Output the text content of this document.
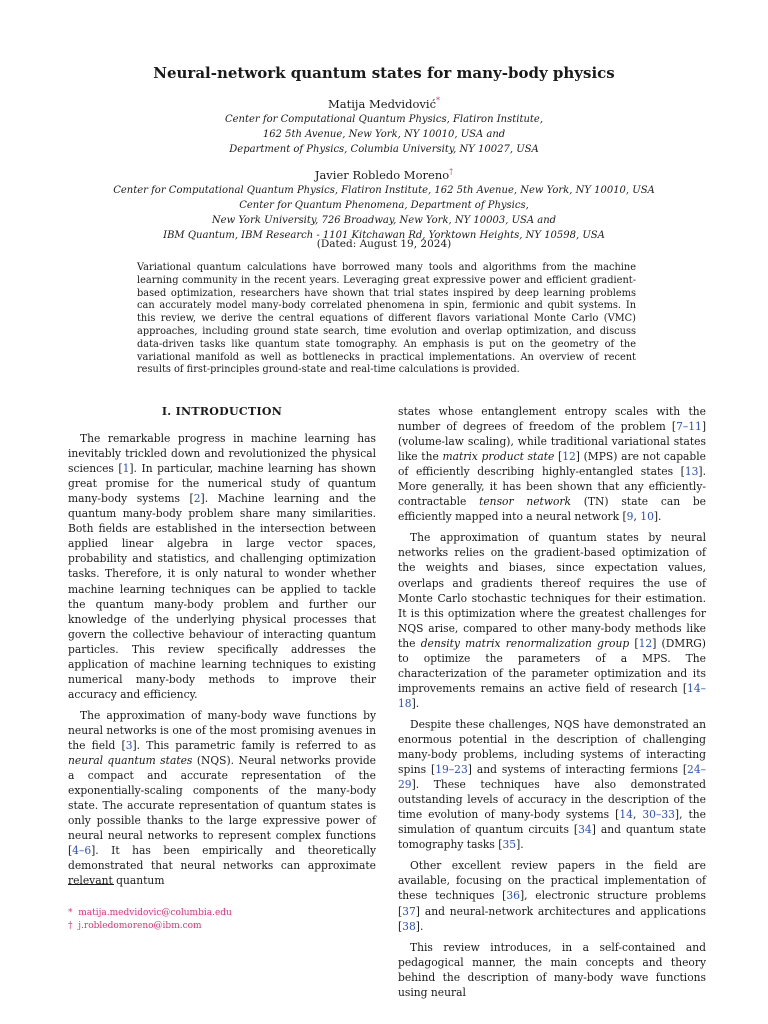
Neural-network quantum states for many-body physics
Matija Medvidović*
Center for Computational Quantum Physics, Flatiron Institute,
162 5th Avenue, New York, NY 10010, USA and
Department of Physics, Columbia University, NY 10027, USA
Javier Robledo Moreno†
Center for Computational Quantum Physics, Flatiron Institute, 162 5th Avenue, New York, NY 10010, USA
Center for Quantum Phenomena, Department of Physics,
New York University, 726 Broadway, New York, NY 10003, USA and
IBM Quantum, IBM Research - 1101 Kitchawan Rd, Yorktown Heights, NY 10598, USA
(Dated: August 19, 2024)
Variational quantum calculations have borrowed many tools and algorithms from the machine learning community in the recent years. Leveraging great expressive power and efficient gradient-based optimization, researchers have shown that trial states inspired by deep learning problems can accurately model many-body correlated phenomena in spin, fermionic and qubit systems. In this review, we derive the central equations of different flavors variational Monte Carlo (VMC) approaches, including ground state search, time evolution and overlap optimization, and discuss data-driven tasks like quantum state tomography. An emphasis is put on the geometry of the variational manifold as well as bottlenecks in practical implementations. An overview of recent results of first-principles ground-state and real-time calculations is provided.
I. INTRODUCTION

The remarkable progress in machine learning has inevitably trickled down and revolutionized the physical sciences [1]. In particular, machine learning has shown great promise for the numerical study of quantum many-body systems [2]. Machine learning and the quantum many-body problem share many similarities. Both fields are established in the intersection between applied linear algebra in large vector spaces, probability and statistics, and challenging optimization tasks. Therefore, it is only natural to wonder whether machine learning techniques can be applied to tackle the quantum many-body problem and further our knowledge of the underlying physical processes that govern the collective behaviour of interacting quantum particles. This review specifically addresses the application of machine learning techniques to existing numerical many-body methods to improve their accuracy and efficiency.

The approximation of many-body wave functions by neural networks is one of the most promising avenues in the field [3]. This parametric family is referred to as neural quantum states (NQS). Neural networks provide a compact and accurate representation of the exponentially-scaling components of the many-body state. The accurate representation of quantum states is only possible thanks to the large expressive power of neural neural networks to represent complex functions [4–6]. It has been empirically and theoretically demonstrated that neural networks can approximate relevant quantum

states whose entanglement entropy scales with the number of degrees of freedom of the problem [7–11] (volume-law scaling), while traditional variational states like the matrix product state [12] (MPS) are not capable of efficiently describing highly-entangled states [13]. More generally, it has been shown that any efficiently-contractable tensor network (TN) state can be efficiently mapped into a neural network [9, 10].

The approximation of quantum states by neural networks relies on the gradient-based optimization of the weights and biases, since expectation values, overlaps and gradients thereof requires the use of Monte Carlo stochastic techniques for their estimation. It is this optimization where the greatest challenges for NQS arise, compared to other many-body methods like the density matrix renormalization group [12] (DMRG) to optimize the parameters of a MPS. The characterization of the parameter optimization and its improvements remains an active field of research [14–18].

Despite these challenges, NQS have demonstrated an enormous potential in the description of challenging many-body problems, including systems of interacting spins [19–23] and systems of interacting fermions [24–29]. These techniques have also demonstrated outstanding levels of accuracy in the description of the time evolution of many-body systems [14, 30–33], the simulation of quantum circuits [34] and quantum state tomography tasks [35].

Other excellent review papers in the field are available, focusing on the practical implementation of these techniques [36], electronic structure problems [37] and neural-network architectures and applications [38].

This review introduces, in a self-contained and pedagogical manner, the main concepts and theory behind the description of many-body wave functions using neural

* matija.medvidovic@columbia.edu
† j.robledomoreno@ibm.com
